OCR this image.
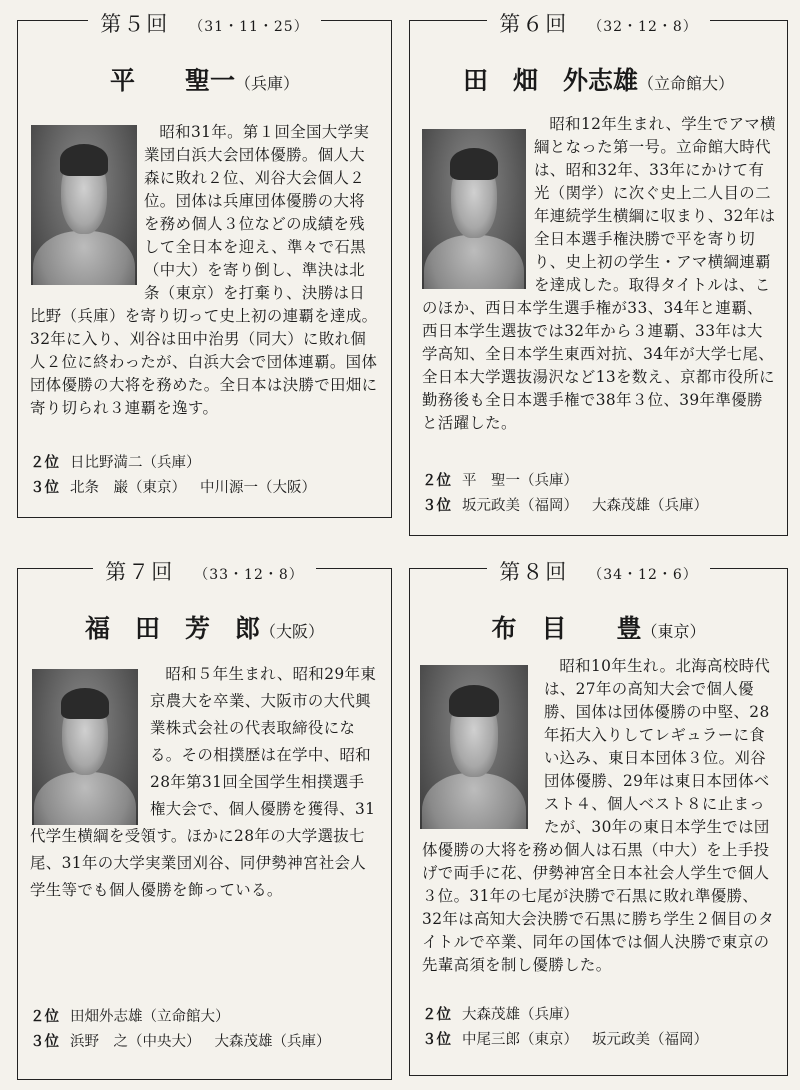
第５回 （31・11・25）
平　　聖一（兵庫）
昭和31年。第１回全国大学実業団白浜大会団体優勝。個人大森に敗れ２位、刈谷大会個人２位。団体は兵庫団体優勝の大将を務め個人３位などの成績を残して全日本を迎え、準々で石黒（中大）を寄り倒し、準決は北条（東京）を打棄り、決勝は日比野（兵庫）を寄り切って史上初の連覇を達成。32年に入り、刈谷は田中治男（同大）に敗れ個人２位に終わったが、白浜大会で団体連覇。国体団体優勝の大将を務めた。全日本は決勝で田畑に寄り切られ３連覇を逸す。
２位 日比野満二（兵庫）
３位 北条　巌（東京） 中川源一（大阪）
第６回 （32・12・8）
田　畑　外志雄（立命館大）
昭和12年生まれ、学生でアマ横綱となった第一号。立命館大時代は、昭和32年、33年にかけて有光（関学）に次ぐ史上二人目の二年連続学生横綱に収まり、32年は全日本選手権決勝で平を寄り切り、史上初の学生・アマ横綱連覇を達成した。取得タイトルは、このほか、西日本学生選手権が33、34年と連覇、西日本学生選抜では32年から３連覇、33年は大学高知、全日本学生東西対抗、34年が大学七尾、全日本大学選抜湯沢など13を数え、京都市役所に勤務後も全日本選手権で38年３位、39年準優勝と活躍した。
２位 平　聖一（兵庫）
３位 坂元政美（福岡） 大森茂雄（兵庫）
第７回 （33・12・8）
福　田　芳　郎（大阪）
昭和５年生まれ、昭和29年東京農大を卒業、大阪市の大代興業株式会社の代表取締役になる。その相撲歴は在学中、昭和28年第31回全国学生相撲選手権大会で、個人優勝を獲得、31代学生横綱を受領す。ほかに28年の大学選抜七尾、31年の大学実業団刈谷、同伊勢神宮社会人学生等でも個人優勝を飾っている。
２位 田畑外志雄（立命館大）
３位 浜野　之（中央大） 大森茂雄（兵庫）
第８回 （34・12・6）
布　目　　豊（東京）
昭和10年生れ。北海高校時代は、27年の高知大会で個人優勝、国体は団体優勝の中堅、28年拓大入りしてレギュラーに食い込み、東日本団体３位。刈谷団体優勝、29年は東日本団体ベスト４、個人ベスト８に止まったが、30年の東日本学生では団体優勝の大将を務め個人は石黒（中大）を上手投げで両手に花、伊勢神宮全日本社会人学生で個人３位。31年の七尾が決勝で石黒に敗れ準優勝、32年は高知大会決勝で石黒に勝ち学生２個目のタイトルで卒業、同年の国体では個人決勝で東京の先輩高須を制し優勝した。
２位 大森茂雄（兵庫）
３位 中尾三郎（東京） 坂元政美（福岡）
